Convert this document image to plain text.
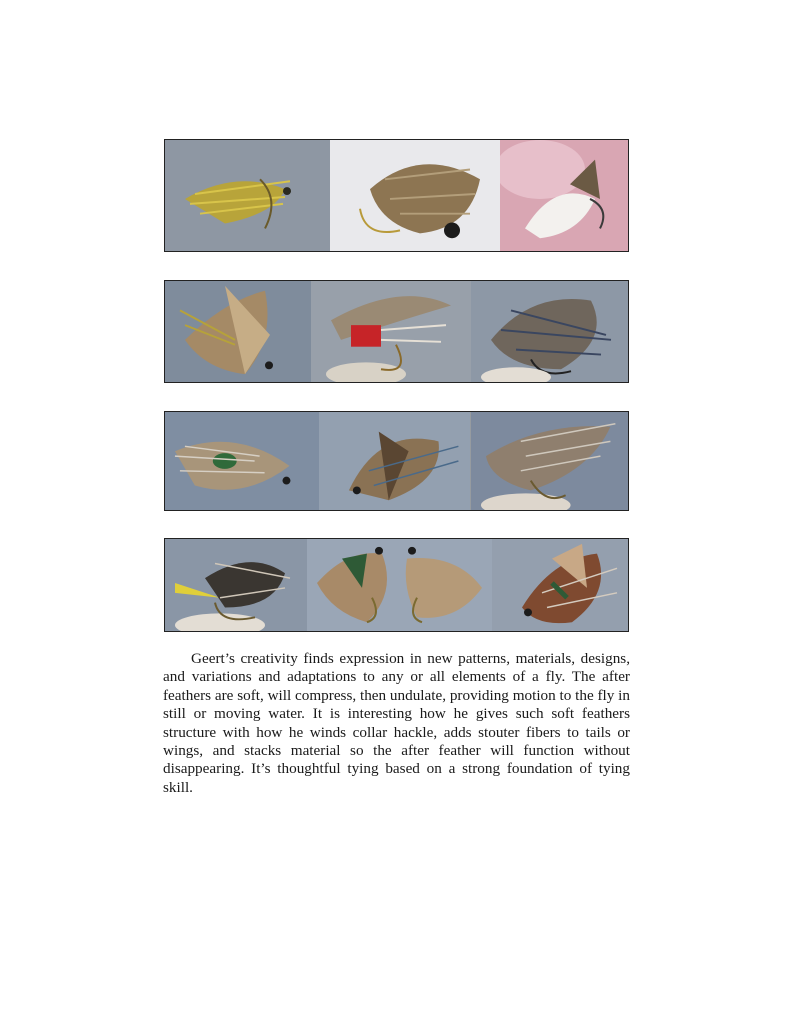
Geert’s creativity finds expression in new patterns, materials, designs, and variations and adaptations to any or all elements of a fly. The after feathers are soft, will compress, then undulate, providing motion to the fly in still or moving water. It is interesting how he gives such soft feathers structure with how he winds collar hackle, adds stouter fibers to tails or wings, and stacks material so the after feather will function without disappearing. It’s thoughtful tying based on a strong foundation of tying skill.
